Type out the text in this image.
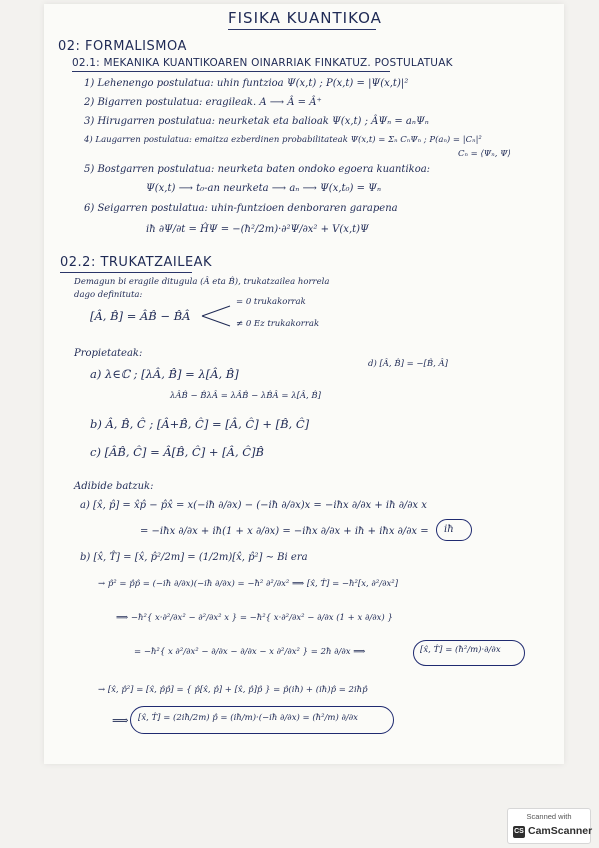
FISIKA KUANTIKOA
02: FORMALISMOA
02.1: MEKANIKA KUANTIKOAREN OINARRIAK FINKATUZ. POSTULATUAK
1) Lehenengo postulatua: uhin funtzioa Ψ(x,t) ; P(x,t) = |Ψ(x,t)|²
2) Bigarren postulatua: eragileak. A ⟶ Â = Â⁺
3) Hirugarren postulatua: neurketak eta balioak Ψ(x,t) ; ÂΨₙ = aₙΨₙ
4) Laugarren postulatua: emaitza ezberdinen probabilitateak Ψ(x,t) = Σₙ CₙΨₙ ; P(aₙ) = |Cₙ|²
Cₙ = ⟨Ψₙ, Ψ⟩
5) Bostgarren postulatua: neurketa baten ondoko egoera kuantikoa:
Ψ(x,t) ⟶ t₀-an neurketa ⟶ aₙ ⟶ Ψ(x,t₀) = Ψₙ
6) Seigarren postulatua: uhin-funtzioen denboraren garapena
iħ ∂Ψ/∂t = ĤΨ = −(ħ²/2m)·∂²Ψ/∂x² + V(x,t)Ψ
02.2: TRUKATZAILEAK
Demagun bi eragile ditugula (Â eta B̂), trukatzailea horrela
dago definituta:
[Â, B̂] = ÂB̂ − B̂Â
= 0 trukakorrak
≠ 0 Ez trukakorrak
Propietateak:
a) λ∈ℂ ; [λÂ, B̂] = λ[Â, B̂]
d) [Â, B̂] = −[B̂, Â]
λÂB̂ − B̂λÂ = λÂB̂ − λB̂Â = λ[Â, B̂]
b) Â, B̂, Ĉ ; [Â+B̂, Ĉ] = [Â, Ĉ] + [B̂, Ĉ]
c) [ÂB̂, Ĉ] = Â[B̂, Ĉ] + [Â, Ĉ]B̂
Adibide batzuk:
a) [x̂, p̂] = x̂p̂ − p̂x̂ = x(−iħ ∂/∂x) − (−iħ ∂/∂x)x = −iħx ∂/∂x + iħ ∂/∂x x
= −iħx ∂/∂x + iħ(1 + x ∂/∂x) = −iħx ∂/∂x + iħ + iħx ∂/∂x = iħ
b) [x̂, T̂] = [x̂, p̂²/2m] = (1/2m)[x̂, p̂²] ∼ Bi era
→ p̂² = p̂p̂ = (−iħ ∂/∂x)(−iħ ∂/∂x) = −ħ² ∂²/∂x² ⟹ [x̂, T̂] = −ħ²[x, ∂²/∂x²]
⟹ −ħ²{ x·∂²/∂x² − ∂²/∂x² x } = −ħ²{ x·∂²/∂x² − ∂/∂x (1 + x ∂/∂x) }
= −ħ²{ x ∂²/∂x² − ∂/∂x − ∂/∂x − x ∂²/∂x² } = 2ħ ∂/∂x ⟹	[x̂, T̂] = (ħ²/m)·∂/∂x
→ [x̂, p̂²] = [x̂, p̂p̂] = { p̂[x̂, p̂] + [x̂, p̂]p̂ } = p̂(iħ) + (iħ)p̂ = 2iħp̂
⟹ [x̂, T̂] = (2iħ/2m) p̂ = (iħ/m)·(−iħ ∂/∂x) = (ħ²/m) ∂/∂x
Scanned with
CS CamScanner
